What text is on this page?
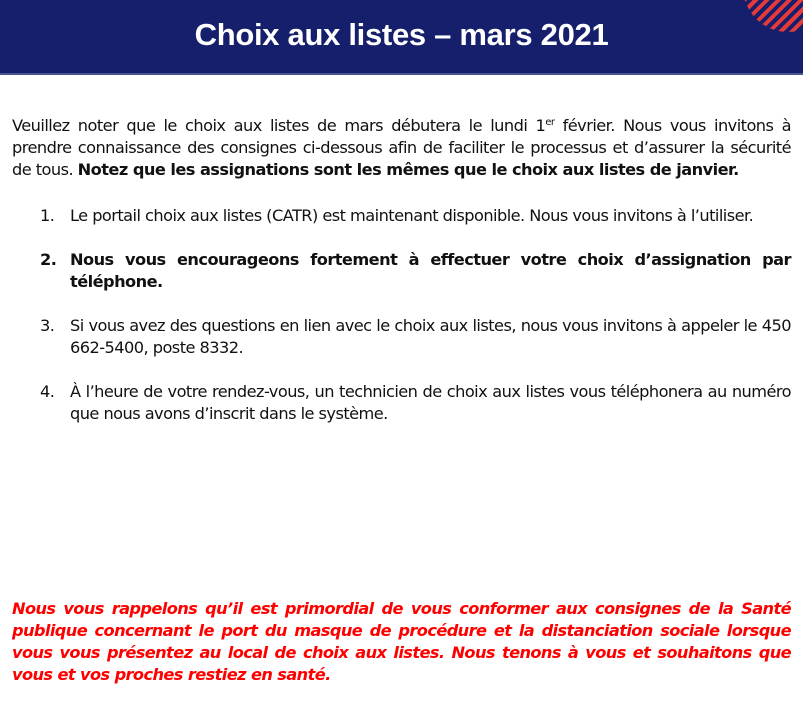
Choix aux listes – mars 2021

Veuillez noter que le choix aux listes de mars débutera le lundi 1er février. Nous vous invitons à prendre connaissance des consignes ci-dessous afin de faciliter le processus et d’assurer la sécurité de tous. Notez que les assignations sont les mêmes que le choix aux listes de janvier.

1. Le portail choix aux listes (CATR) est maintenant disponible. Nous vous invitons à l’utiliser.
2. Nous vous encourageons fortement à effectuer votre choix d’assignation par téléphone.
3. Si vous avez des questions en lien avec le choix aux listes, nous vous invitons à appeler le 450 662-5400, poste 8332.
4. À l’heure de votre rendez-vous, un technicien de choix aux listes vous téléphonera au numéro que nous avons d’inscrit dans le système.

Nous vous rappelons qu’il est primordial de vous conformer aux consignes de la Santé publique concernant le port du masque de procédure et la distanciation sociale lorsque vous vous présentez au local de choix aux listes. Nous tenons à vous et souhaitons que vous et vos proches restiez en santé.
